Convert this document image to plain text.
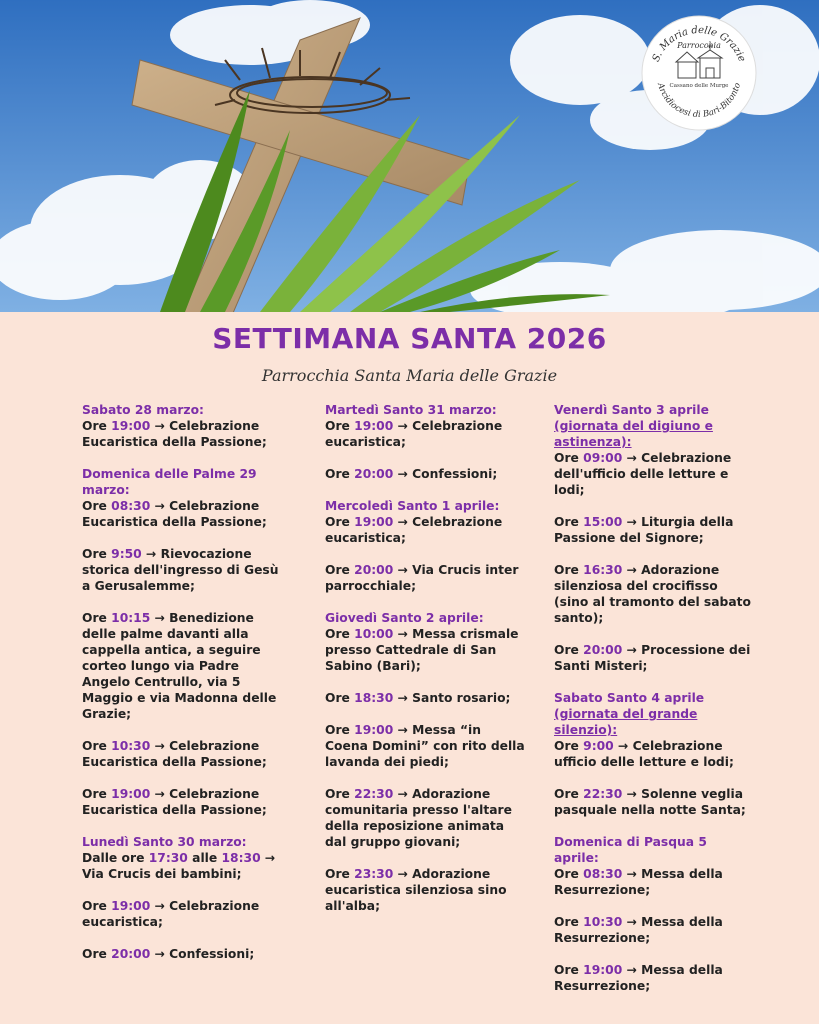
S. Maria delle Grazie
Parrocchia
Cassano delle Murge
Arcidiocesi di Bari-Bitonto
SETTIMANA SANTA 2026
Parrocchia Santa Maria delle Grazie

Sabato 28 marzo:

Ore 19:00 → Celebrazione Eucaristica della Passione;

Domenica delle Palme 29 marzo:

Ore 08:30 → Celebrazione Eucaristica della Passione;

Ore 9:50 → Rievocazione storica dell'ingresso di Gesù a Gerusalemme;

Ore 10:15 → Benedizione delle palme davanti alla cappella antica, a seguire corteo lungo via Padre Angelo Centrullo, via 5 Maggio e via Madonna delle Grazie;

Ore 10:30 → Celebrazione Eucaristica della Passione;

Ore 19:00 → Celebrazione Eucaristica della Passione;

Lunedì Santo 30 marzo:

Dalle ore 17:30 alle 18:30 → Via Crucis dei bambini;

Ore 19:00 → Celebrazione eucaristica;

Ore 20:00 → Confessioni;

Martedì Santo 31 marzo:

Ore 19:00 → Celebrazione eucaristica;

Ore 20:00 → Confessioni;

Mercoledì Santo 1 aprile:

Ore 19:00 → Celebrazione eucaristica;

Ore 20:00 → Via Crucis inter parrocchiale;

Giovedì Santo 2 aprile:

Ore 10:00 → Messa crismale presso Cattedrale di San Sabino (Bari);

Ore 18:30 → Santo rosario;

Ore 19:00 → Messa “in Coena Domini” con rito della lavanda dei piedi;

Ore 22:30 → Adorazione comunitaria presso l'altare della reposizione animata dal gruppo giovani;

Ore 23:30 → Adorazione eucaristica silenziosa sino all'alba;

Venerdì Santo 3 aprile (giornata del digiuno e astinenza):

Ore 09:00 → Celebrazione dell'ufficio delle letture e lodi;

Ore 15:00 → Liturgia della Passione del Signore;

Ore 16:30 → Adorazione silenziosa del crocifisso (sino al tramonto del sabato santo);

Ore 20:00 → Processione dei Santi Misteri;

Sabato Santo 4 aprile (giornata del grande silenzio):

Ore 9:00 → Celebrazione ufficio delle letture e lodi;

Ore 22:30 → Solenne veglia pasquale nella notte Santa;

Domenica di Pasqua 5 aprile:

Ore 08:30 → Messa della Resurrezione;

Ore 10:30 → Messa della Resurrezione;

Ore 19:00 → Messa della Resurrezione;
